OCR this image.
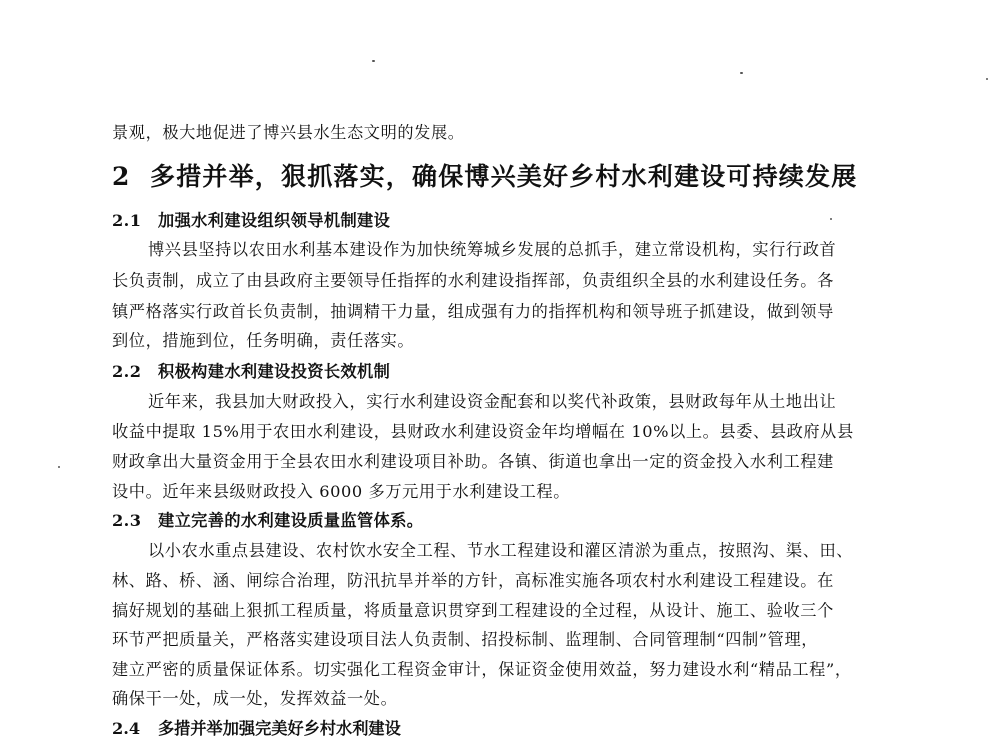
景观，极大地促进了博兴县水生态文明的发展。
2 多措并举，狠抓落实，确保博兴美好乡村水利建设可持续发展
2.1 加强水利建设组织领导机制建设
博兴县坚持以农田水利基本建设作为加快统筹城乡发展的总抓手，建立常设机构，实行行政首
长负责制，成立了由县政府主要领导任指挥的水利建设指挥部，负责组织全县的水利建设任务。各
镇严格落实行政首长负责制，抽调精干力量，组成强有力的指挥机构和领导班子抓建设，做到领导
到位，措施到位，任务明确，责任落实。
2.2 积极构建水利建设投资长效机制
近年来，我县加大财政投入，实行水利建设资金配套和以奖代补政策，县财政每年从土地出让
收益中提取 15%用于农田水利建设，县财政水利建设资金年均增幅在 10%以上。县委、县政府从县
财政拿出大量资金用于全县农田水利建设项目补助。各镇、街道也拿出一定的资金投入水利工程建
设中。近年来县级财政投入 6000 多万元用于水利建设工程。
2.3 建立完善的水利建设质量监管体系。
以小农水重点县建设、农村饮水安全工程、节水工程建设和灌区清淤为重点，按照沟、渠、田、
林、路、桥、涵、闸综合治理，防汛抗旱并举的方针，高标准实施各项农村水利建设工程建设。在
搞好规划的基础上狠抓工程质量，将质量意识贯穿到工程建设的全过程，从设计、施工、验收三个
环节严把质量关，严格落实建设项目法人负责制、招投标制、监理制、合同管理制“四制”管理，
建立严密的质量保证体系。切实强化工程资金审计，保证资金使用效益，努力建设水利“精品工程”，
确保干一处，成一处，发挥效益一处。
2.4 多措并举加强完美好乡村水利建设
